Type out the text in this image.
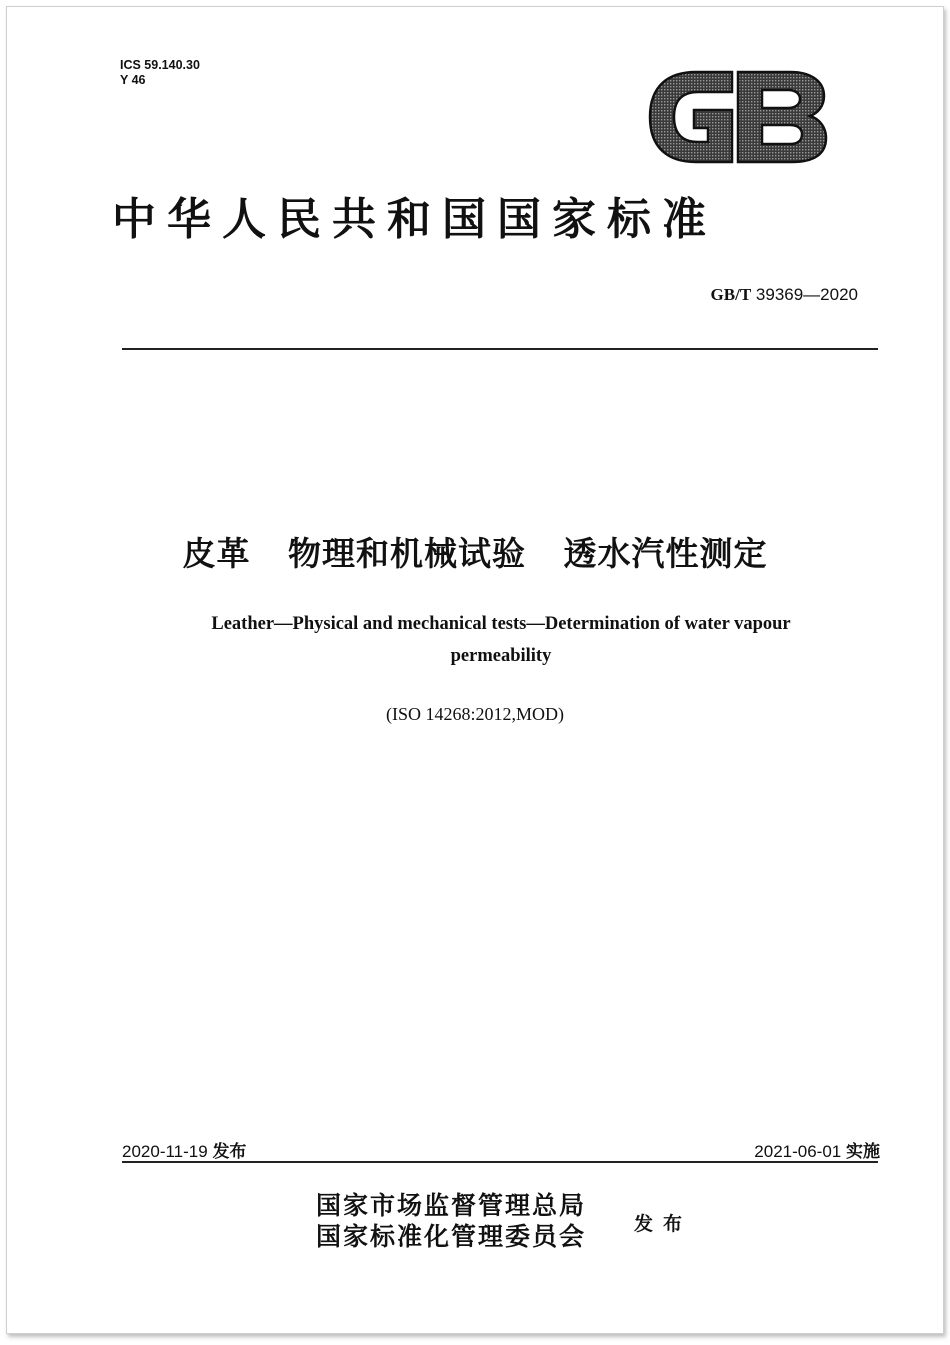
ICS 59.140.30
Y 46
中华人民共和国国家标准
GB/T 39369—2020
皮革   物理和机械试验   透水汽性测定
Leather—Physical and mechanical tests—Determination of water vapour
permeability
(ISO 14268:2012,MOD)
2020-11-19 发布	2021-06-01 实施
国家市场监督管理总局
国家标准化管理委员会	发布
